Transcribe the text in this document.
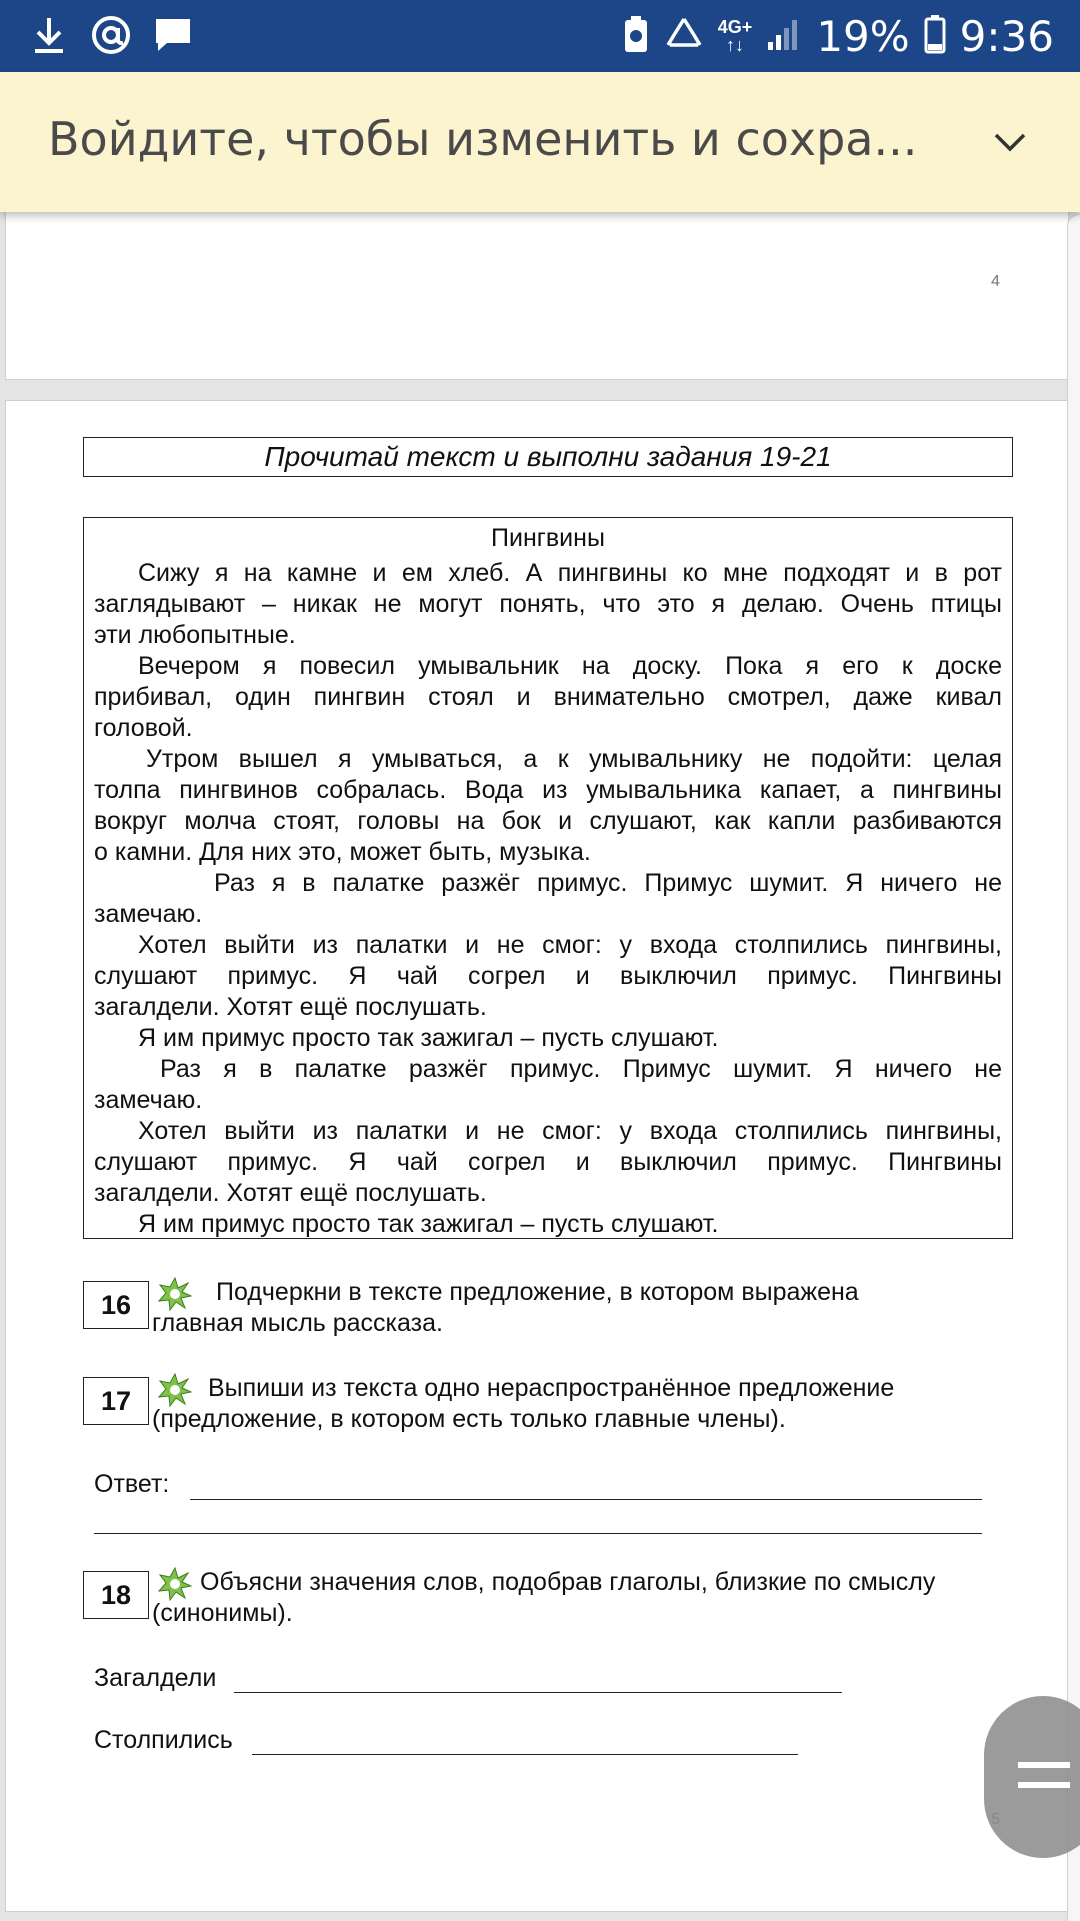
4G+
↑↓ 19% 9:36
Войдите, чтобы изменить и сохра...
4
Прочитай текст и выполни задания 19-21
Пингвины
Сижу я на камне и ем хлеб. А пингвины ко мне подходят и в рот
заглядывают – никак не могут понять, что это я делаю. Очень птицы
эти любопытные.
Вечером я повесил умывальник на доску. Пока я его к доске
прибивал, один пингвин стоял и внимательно смотрел, даже кивал
головой.
Утром вышел я умываться, а к умывальнику не подойти: целая
толпа пингвинов собралась. Вода из умывальника капает, а пингвины
вокруг молча стоят, головы на бок и слушают, как капли разбиваются
о камни. Для них это, может быть, музыка.
Раз я в палатке разжёг примус. Примус шумит. Я ничего не
замечаю.
Хотел выйти из палатки и не смог: у входа столпились пингвины,
слушают примус. Я чай согрел и выключил примус. Пингвины
загалдели. Хотят ещё послушать.
Я им примус просто так зажигал – пусть слушают.
Раз я в палатке разжёг примус. Примус шумит. Я ничего не
замечаю.
Хотел выйти из палатки и не смог: у входа столпились пингвины,
слушают примус. Я чай согрел и выключил примус. Пингвины
загалдели. Хотят ещё послушать.
Я им примус просто так зажигал – пусть слушают.
16	Подчеркни в тексте предложение, в котором выражена
главная мысль рассказа.
17	Выпиши из текста одно нераспространённое предложение
(предложение, в котором есть только главные члены).
Ответ:
18	Объясни значения слов, подобрав глаголы, близкие по смыслу
(синонимы).
Загалдели
Столпились
